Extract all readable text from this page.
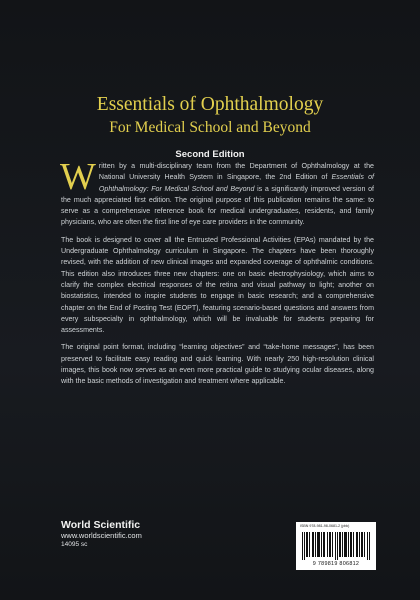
Essentials of Ophthalmology
For Medical School and Beyond
Second Edition

Written by a multi-disciplinary team from the Department of Ophthalmology at the National University Health System in Singapore, the 2nd Edition of Essentials of Ophthalmology: For Medical School and Beyond is a significantly improved version of the much appreciated first edition. The original purpose of this publication remains the same: to serve as a comprehensive reference book for medical undergraduates, residents, and family physicians, who are often the first line of eye care providers in the community.

The book is designed to cover all the Entrusted Professional Activities (EPAs) mandated by the Undergraduate Ophthalmology curriculum in Singapore. The chapters have been thoroughly revised, with the addition of new clinical images and expanded coverage of ophthalmic conditions. This edition also introduces three new chapters: one on basic electrophysiology, which aims to clarify the complex electrical responses of the retina and visual pathway to light; another on biostatistics, intended to inspire students to engage in basic research; and a comprehensive chapter on the End of Posting Test (EOPT), featuring scenario-based questions and answers from every subspecialty in ophthalmology, which will be invaluable for students preparing for assessments.

The original point format, including “learning objectives” and “take-home messages”, has been preserved to facilitate easy reading and quick learning. With nearly 250 high-resolution clinical images, this book now serves as an even more practical guide to studying ocular diseases, along with the basic methods of investigation and treatment where applicable.

World Scientific
www.worldscientific.com
14095 sc
ISBN 978-981-98-0681-2 (pbk)
9 789819 806812
